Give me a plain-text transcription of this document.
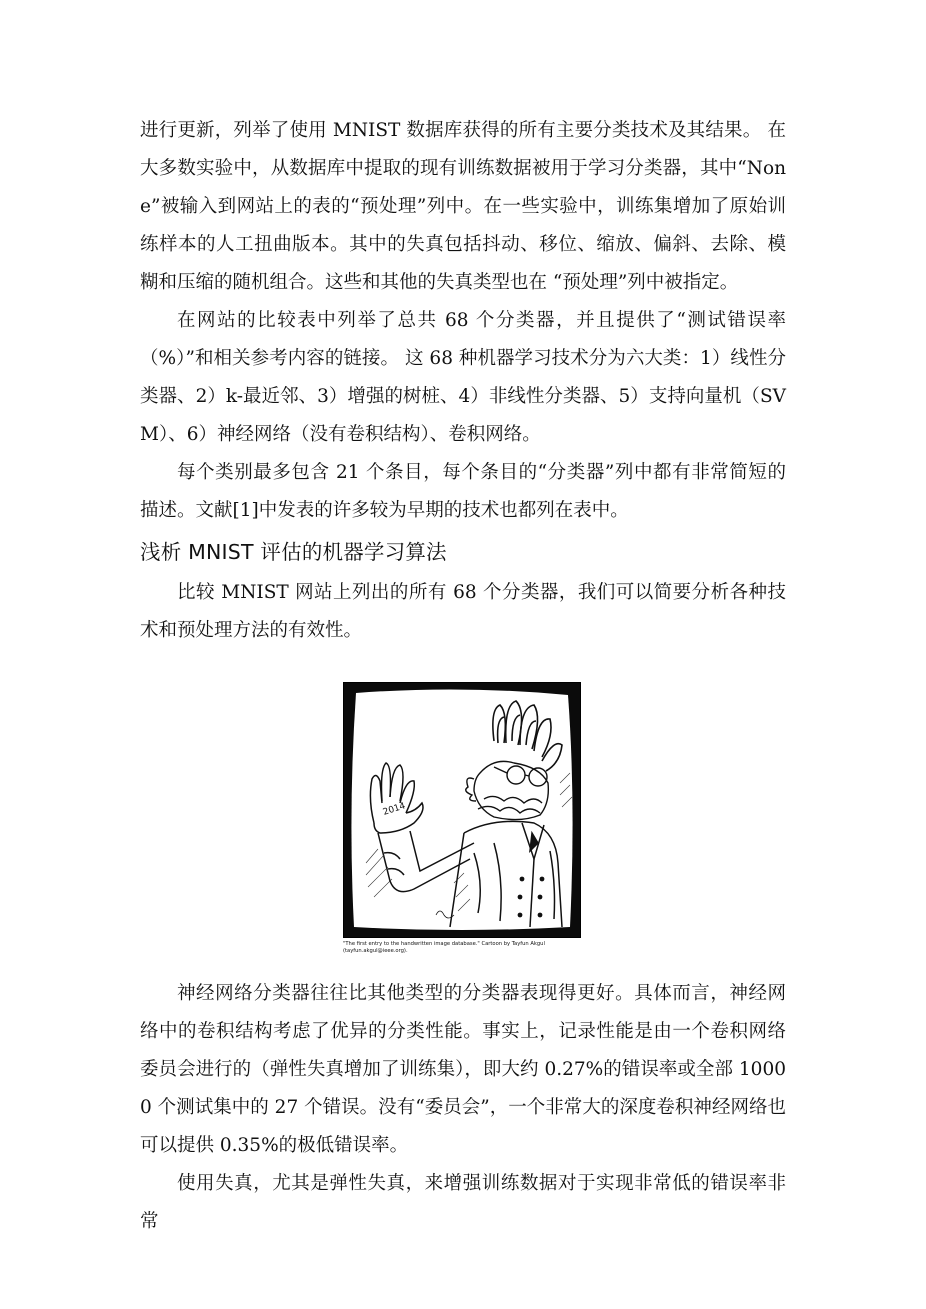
进行更新，列举了使用 MNIST 数据库获得的所有主要分类技术及其结果。 在大多数实验中，从数据库中提取的现有训练数据被用于学习分类器，其中“None”被输入到网站上的表的“预处理”列中。在一些实验中，训练集增加了原始训练样本的人工扭曲版本。其中的失真包括抖动、移位、缩放、偏斜、去除、模糊和压缩的随机组合。这些和其他的失真类型也在 “预处理”列中被指定。

在网站的比较表中列举了总共 68 个分类器，并且提供了“测试错误率（%）”和相关参考内容的链接。 这 68 种机器学习技术分为六大类：1）线性分类器、2）k-最近邻、3）增强的树桩、4）非线性分类器、5）支持向量机（SVM）、6）神经网络（没有卷积结构）、卷积网络。

每个类别最多包含 21 个条目，每个条目的“分类器”列中都有非常简短的描述。文献[1]中发表的许多较为早期的技术也都列在表中。

浅析 MNIST 评估的机器学习算法

比较 MNIST 网站上列出的所有 68 个分类器，我们可以简要分析各种技术和预处理方法的有效性。

2014
"The first entry to the handwritten image database." Cartoon by Tayfun Akgul (tayfun.akgul@ieee.org).

神经网络分类器往往比其他类型的分类器表现得更好。具体而言，神经网络中的卷积结构考虑了优异的分类性能。事实上，记录性能是由一个卷积网络委员会进行的（弹性失真增加了训练集），即大约 0.27%的错误率或全部 10000 个测试集中的 27 个错误。没有“委员会”，一个非常大的深度卷积神经网络也可以提供 0.35%的极低错误率。

使用失真，尤其是弹性失真，来增强训练数据对于实现非常低的错误率非常
